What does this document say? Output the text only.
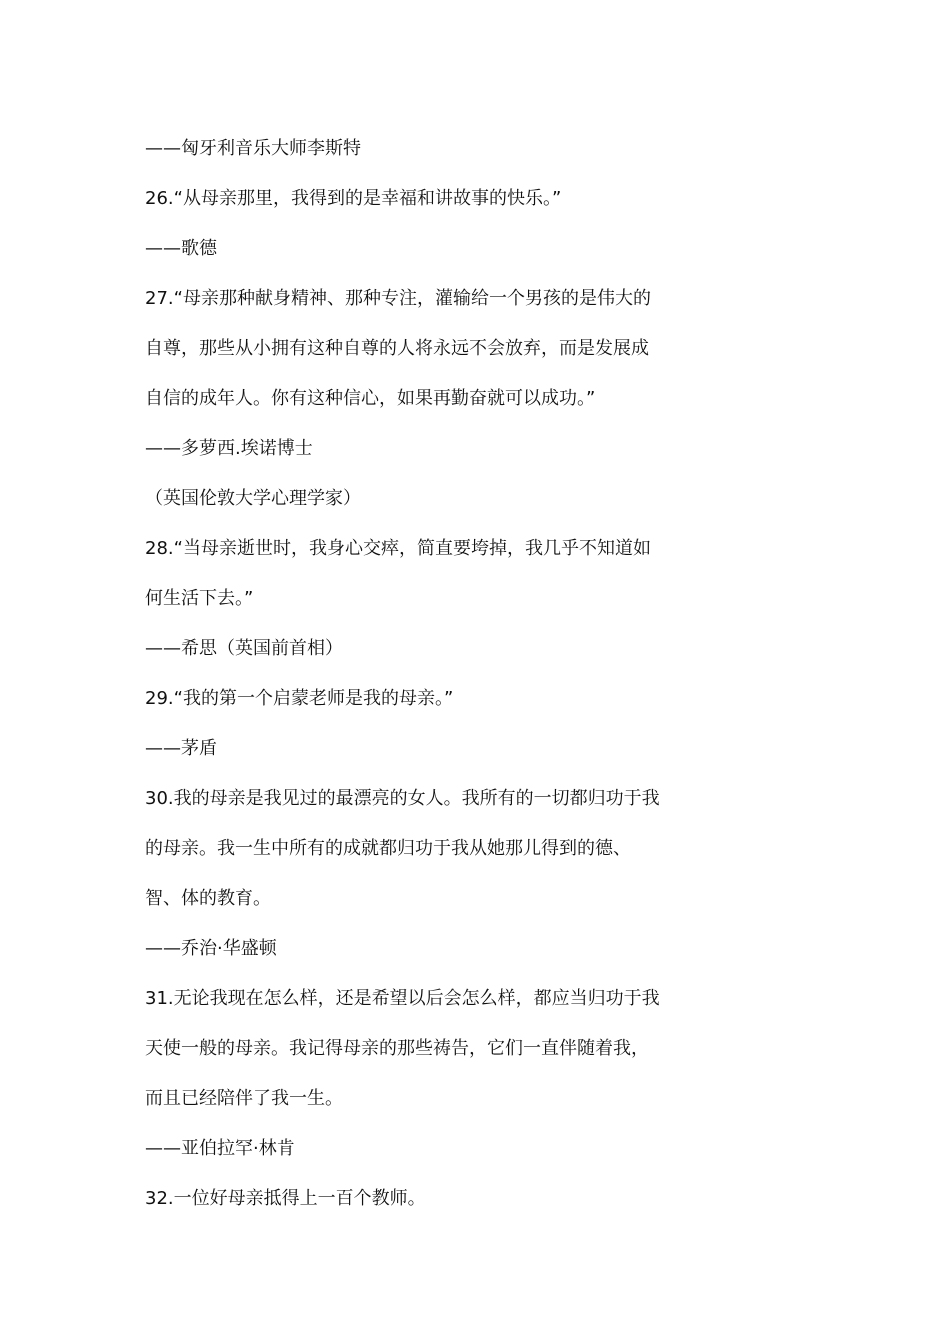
——匈牙利音乐大师李斯特

26.“从母亲那里，我得到的是幸福和讲故事的快乐。”

——歌德

27.“母亲那种献身精神、那种专注，灌输给一个男孩的是伟大的

自尊，那些从小拥有这种自尊的人将永远不会放弃，而是发展成

自信的成年人。你有这种信心，如果再勤奋就可以成功。”

——多萝西.埃诺博士

（英国伦敦大学心理学家）

28.“当母亲逝世时，我身心交瘁，简直要垮掉，我几乎不知道如

何生活下去。”

——希思（英国前首相）

29.“我的第一个启蒙老师是我的母亲。”

——茅盾

30.我的母亲是我见过的最漂亮的女人。我所有的一切都归功于我

的母亲。我一生中所有的成就都归功于我从她那儿得到的德、

智、体的教育。

——乔治·华盛顿

31.无论我现在怎么样，还是希望以后会怎么样，都应当归功于我

天使一般的母亲。我记得母亲的那些祷告，它们一直伴随着我，

而且已经陪伴了我一生。

——亚伯拉罕·林肯

32.一位好母亲抵得上一百个教师。
